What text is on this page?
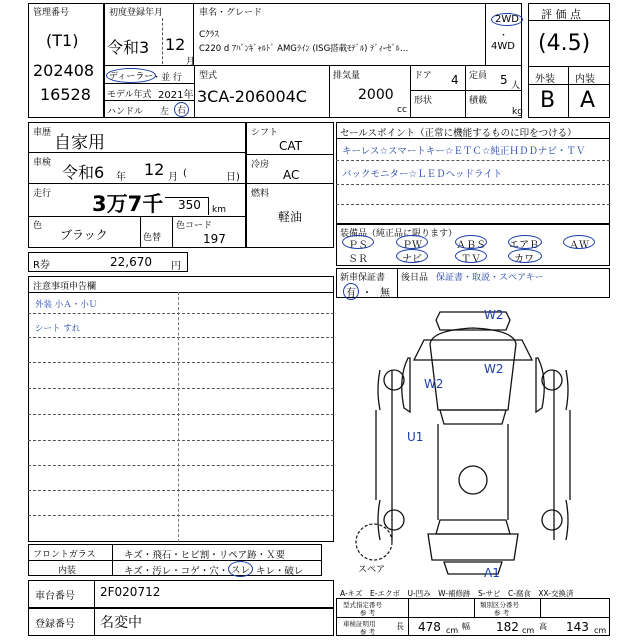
管理番号
(T1)
202408
16528
初度登録年月
令和3 12
月
車名・グレード
Cｸﾗｽ
C220 d ｱﾊﾞﾝｷﾞｬﾙﾄﾞ AMGﾗｲﾝ (ISG搭載ﾓﾃﾞﾙ) ﾃﾞｨｰｾﾞﾙ…
2WD
・
4WD
ディーラー
・並 行
モデル年式 2021年
ハンドル 左 右
型式
3CA-206004C
排気量
2000
cc
ドア 4 定員 5 人
形状	積載
kg
評 価 点
(4.5)
外装 内装
B A
車歴 自家用
車検 令和6 年 12 月 (	日)
走行 3万7千 350 km
色
ブラック	色替
色コード
197
シフト
CAT
冷房
AC
燃料
軽油
セールスポイント（正常に機能するものに印をつける）
キーレス☆スマートキー☆ＥＴＣ☆純正ＨＤＤナビ・ＴＶ
バックモニター☆ＬＥＤヘッドライト
装備品（純正品に限ります）
ＰＳ	ＰＷ	ＡＢＳ エアＢ	ＡＷ
ＳＲ	ナビ	ＴＶ	カワ
R券	22,670 円
新車保証書
有 ・ 無
後日品 保証書・取説・スペアキー
注意事項申告欄
外装 小Ａ・小Ｕ
シート すれ
W2
W2
W2
U1
A1
スペア
フロントガラス	キズ・飛石・ヒビ割・リペア跡・Ｘ要
内装	キズ・汚レ・コゲ・穴・ スレ キレ・破レ
A-キズ　E-エクボ　U-凹み　W-補修跡　S-サビ　C-腐食　XX-交換済
車台番号 2F020712
登録番号 名変中
型式指定番号
参 考
類別区分番号
参 考
車検証明用
参 考
長 478 cm 幅 182 cm 高 143 cm
